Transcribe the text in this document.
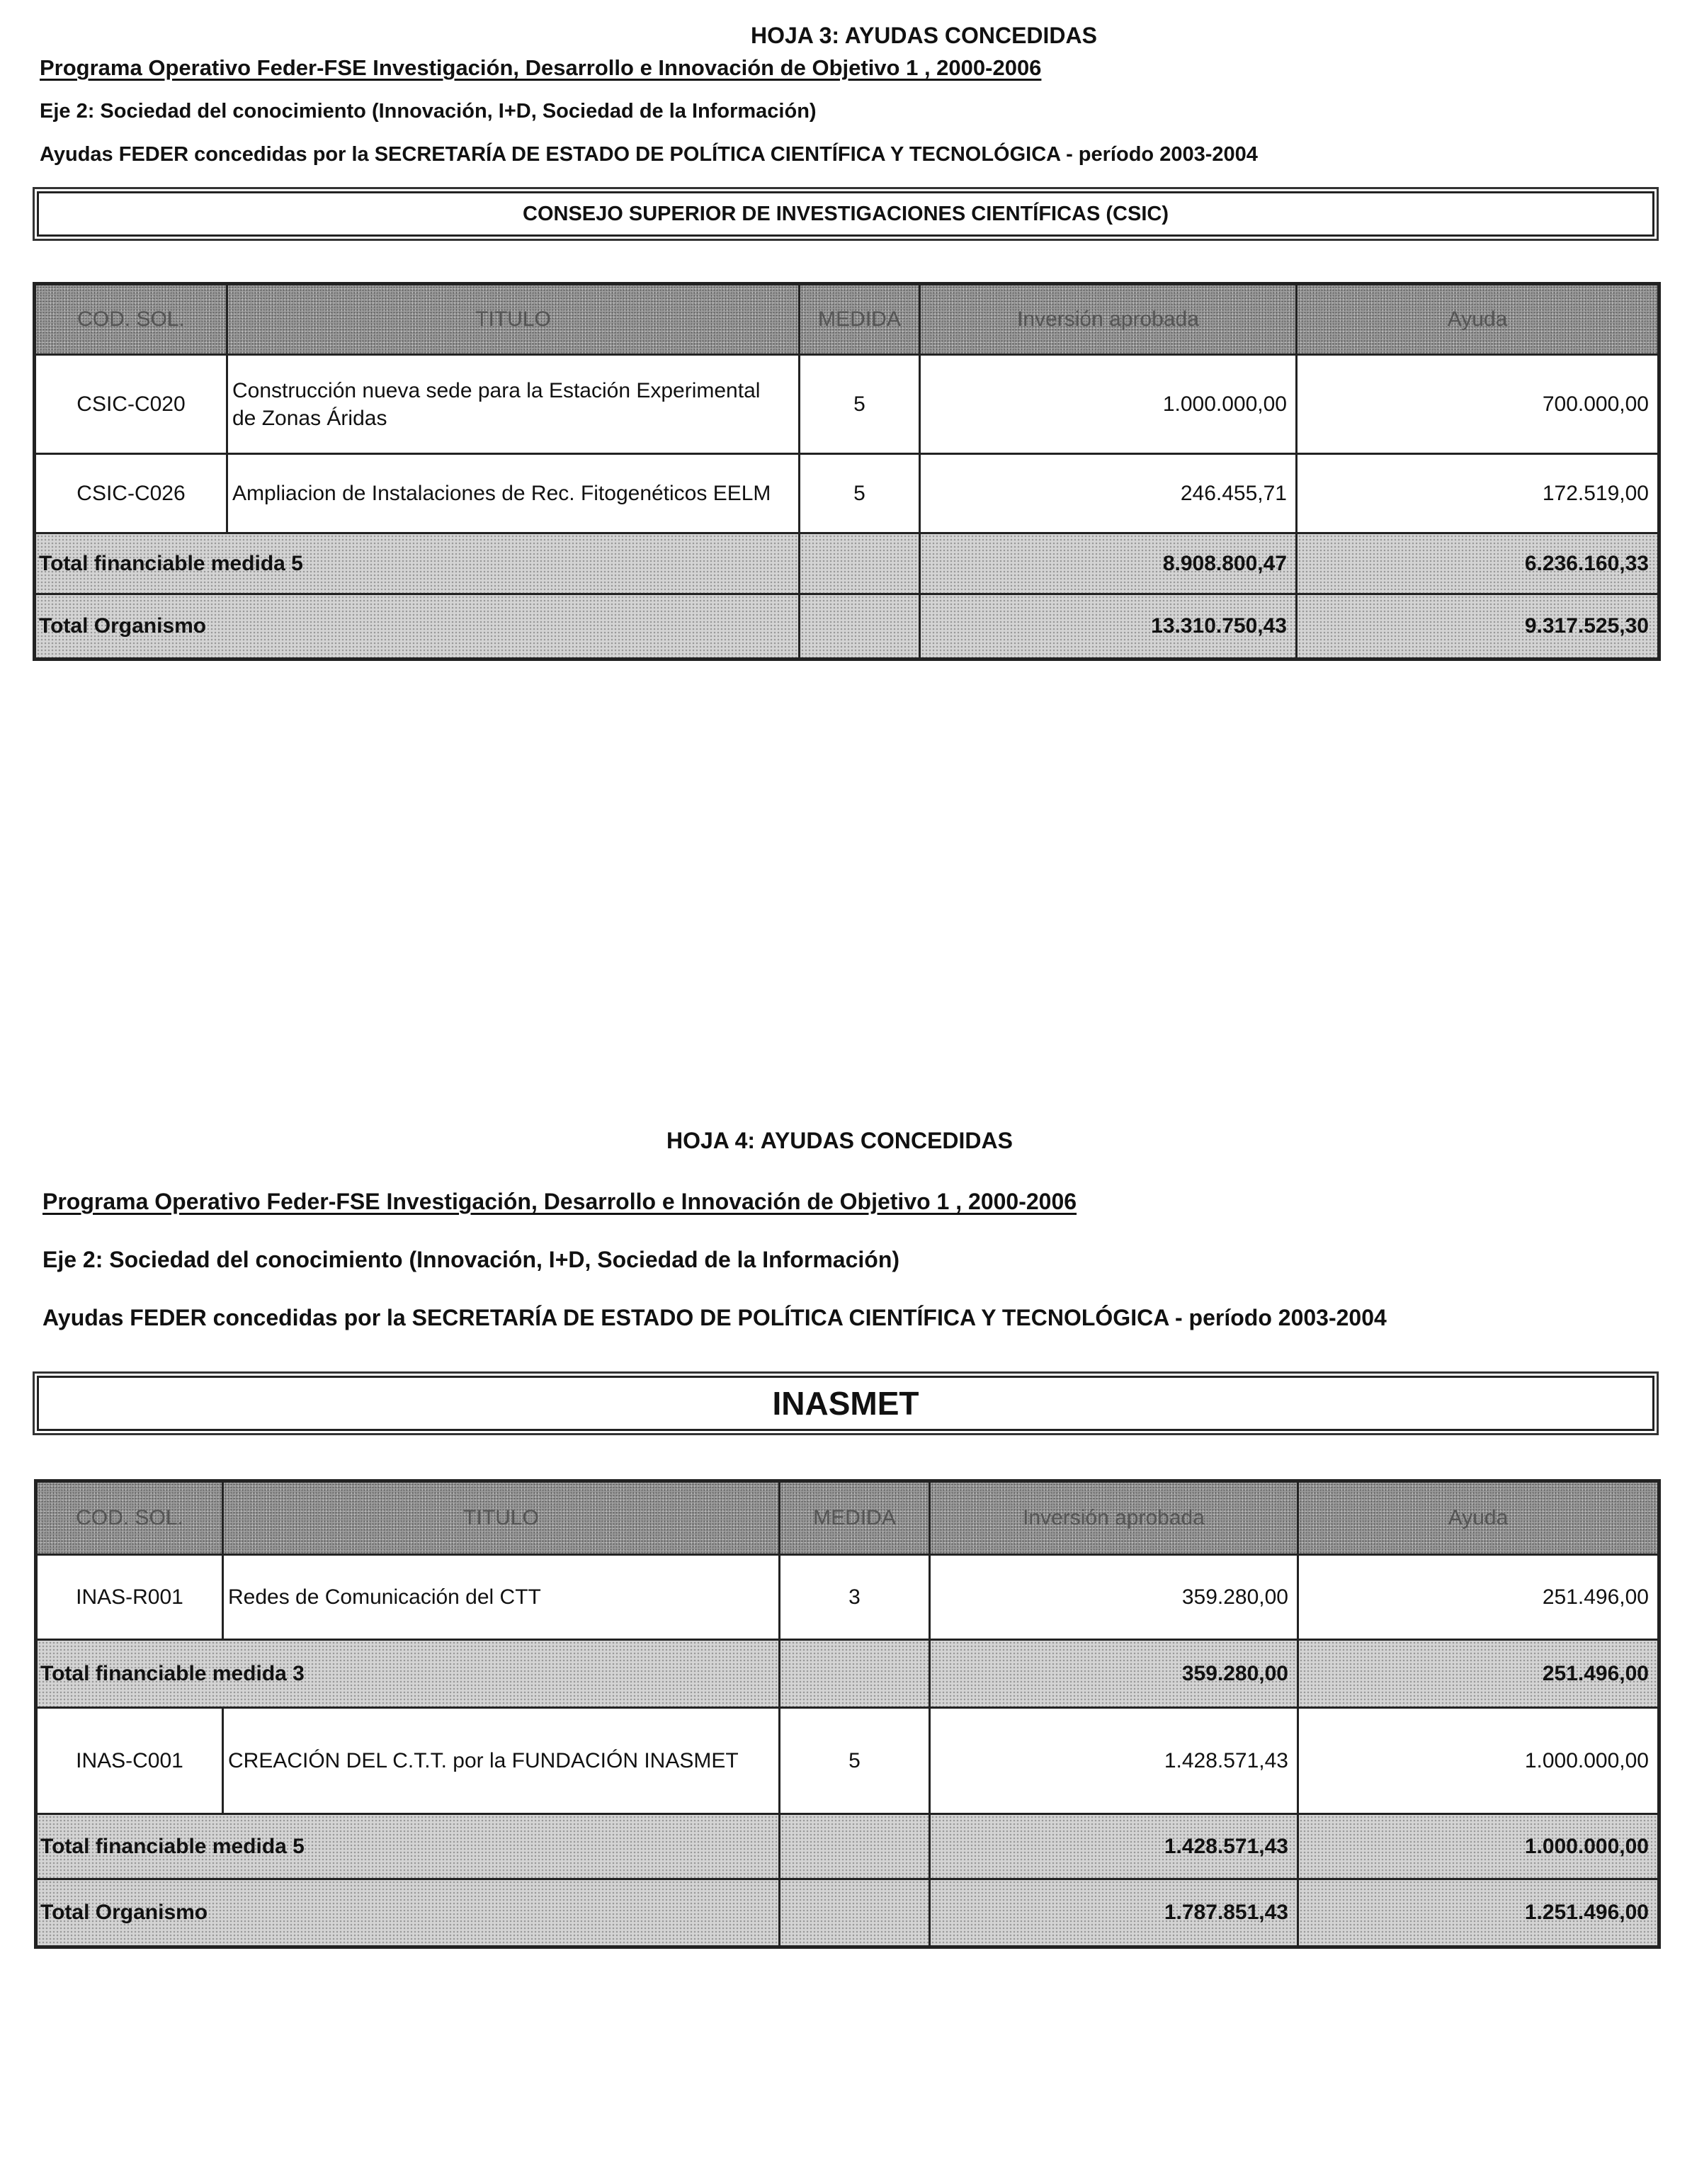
HOJA 3: AYUDAS CONCEDIDAS
Programa Operativo Feder-FSE Investigación, Desarrollo e Innovación de Objetivo 1 , 2000-2006
Eje 2: Sociedad del conocimiento (Innovación, I+D, Sociedad de la Información)
Ayudas FEDER concedidas por la SECRETARÍA DE ESTADO DE POLÍTICA CIENTÍFICA Y TECNOLÓGICA - período 2003-2004
CONSEJO SUPERIOR DE INVESTIGACIONES CIENTÍFICAS (CSIC)
COD. SOL.	TITULO	MEDIDA	Inversión aprobada	Ayuda
CSIC-C020	Construcción nueva sede para la Estación Experimental de Zonas Áridas	5	1.000.000,00	700.000,00
CSIC-C026	Ampliacion de Instalaciones de Rec. Fitogenéticos EELM	5	246.455,71	172.519,00
Total financiable medida 5			8.908.800,47	6.236.160,33
Total Organismo			13.310.750,43	9.317.525,30
HOJA 4: AYUDAS CONCEDIDAS
Programa Operativo Feder-FSE Investigación, Desarrollo e Innovación de Objetivo 1 , 2000-2006
Eje 2: Sociedad del conocimiento (Innovación, I+D, Sociedad de la Información)
Ayudas FEDER concedidas por la SECRETARÍA DE ESTADO DE POLÍTICA CIENTÍFICA Y TECNOLÓGICA - período 2003-2004
INASMET
COD. SOL.	TITULO	MEDIDA	Inversión aprobada	Ayuda
INAS-R001	Redes de Comunicación del CTT	3	359.280,00	251.496,00
Total financiable medida 3			359.280,00	251.496,00
INAS-C001	CREACIÓN DEL C.T.T. por la FUNDACIÓN INASMET	5	1.428.571,43	1.000.000,00
Total financiable medida 5			1.428.571,43	1.000.000,00
Total Organismo			1.787.851,43	1.251.496,00
